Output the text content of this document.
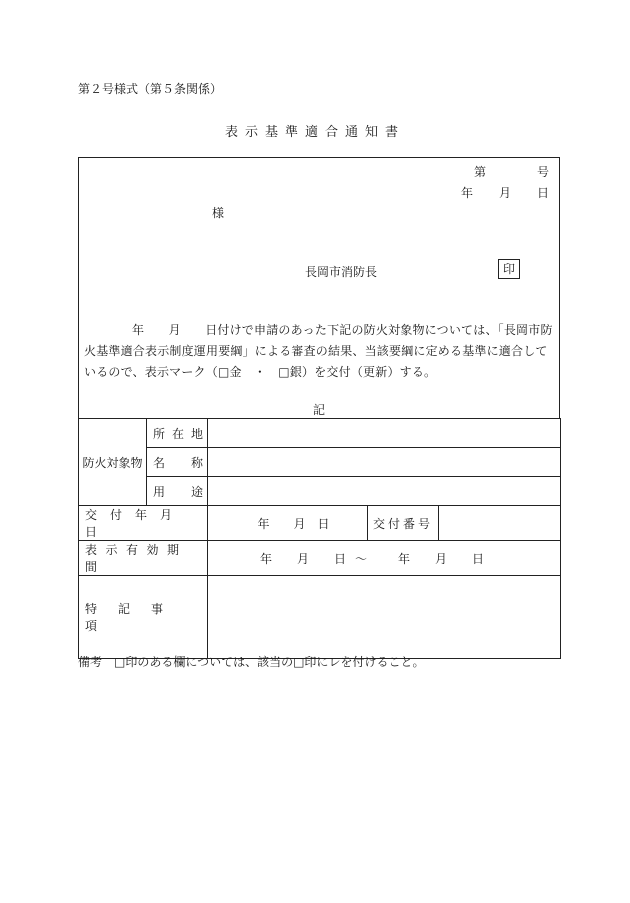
第２号様式（第５条関係）
表示基準適合通知書
第	号
年 月 日
様
長岡市消防長	印
年　　月　　日付けで申請のあった下記の防火対象物については、「長岡市防火基準適合表示制度運用要綱」による審査の結果、当該要綱に定める基準に適合しているので、表示マーク（□金　・　□銀）を交付（更新）する。
記
防火対象物	所 在 地			

	名 称			

	用 途			

交付年月日		年 月 日	交付番号	

表示有効期間		年 月 日 ～ 年 月 日		

特記事項				

備考　□印のある欄については、該当の□印にレを付けること。
